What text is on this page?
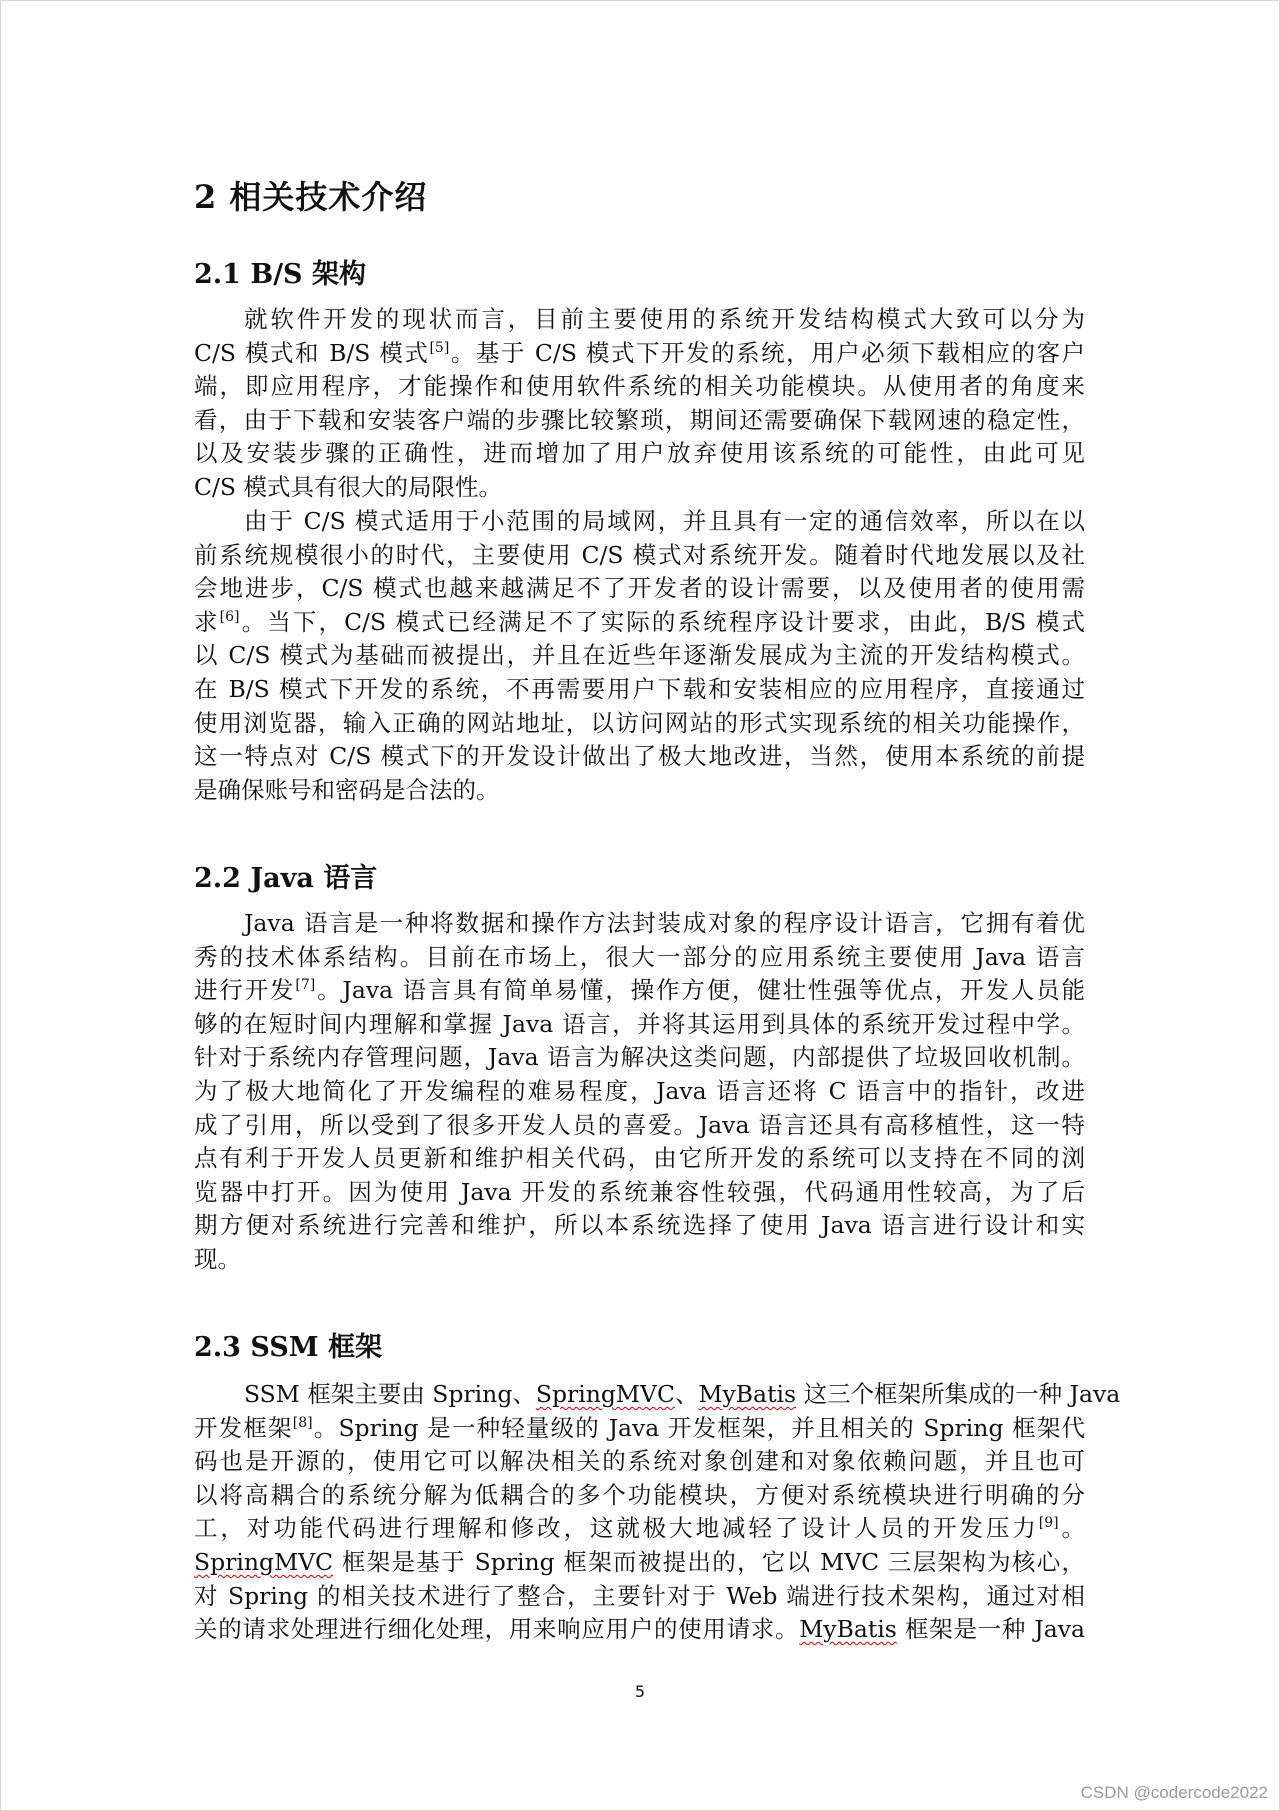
2 相关技术介绍
2.1 B/S 架构
就软件开发的现状而言，目前主要使用的系统开发结构模式大致可以分为
C/S 模式和 B/S 模式[5]。基于 C/S 模式下开发的系统，用户必须下载相应的客户
端，即应用程序，才能操作和使用软件系统的相关功能模块。从使用者的角度来
看，由于下载和安装客户端的步骤比较繁琐，期间还需要确保下载网速的稳定性，
以及安装步骤的正确性，进而增加了用户放弃使用该系统的可能性，由此可见
C/S 模式具有很大的局限性。
由于 C/S 模式适用于小范围的局域网，并且具有一定的通信效率，所以在以
前系统规模很小的时代，主要使用 C/S 模式对系统开发。随着时代地发展以及社
会地进步，C/S 模式也越来越满足不了开发者的设计需要，以及使用者的使用需
求[6]。当下，C/S 模式已经满足不了实际的系统程序设计要求，由此，B/S 模式
以 C/S 模式为基础而被提出，并且在近些年逐渐发展成为主流的开发结构模式。
在 B/S 模式下开发的系统，不再需要用户下载和安装相应的应用程序，直接通过
使用浏览器，输入正确的网站地址，以访问网站的形式实现系统的相关功能操作，
这一特点对 C/S 模式下的开发设计做出了极大地改进，当然，使用本系统的前提
是确保账号和密码是合法的。
2.2 Java 语言
Java 语言是一种将数据和操作方法封装成对象的程序设计语言，它拥有着优
秀的技术体系结构。目前在市场上，很大一部分的应用系统主要使用 Java 语言
进行开发[7]。Java 语言具有简单易懂，操作方便，健壮性强等优点，开发人员能
够的在短时间内理解和掌握 Java 语言，并将其运用到具体的系统开发过程中学。
针对于系统内存管理问题，Java 语言为解决这类问题，内部提供了垃圾回收机制。
为了极大地简化了开发编程的难易程度，Java 语言还将 C 语言中的指针，改进
成了引用，所以受到了很多开发人员的喜爱。Java 语言还具有高移植性，这一特
点有利于开发人员更新和维护相关代码，由它所开发的系统可以支持在不同的浏
览器中打开。因为使用 Java 开发的系统兼容性较强，代码通用性较高，为了后
期方便对系统进行完善和维护，所以本系统选择了使用 Java 语言进行设计和实
现。
2.3 SSM 框架
SSM 框架主要由 Spring、SpringMVC、MyBatis 这三个框架所集成的一种 Java
开发框架[8]。Spring 是一种轻量级的 Java 开发框架，并且相关的 Spring 框架代
码也是开源的，使用它可以解决相关的系统对象创建和对象依赖问题，并且也可
以将高耦合的系统分解为低耦合的多个功能模块，方便对系统模块进行明确的分
工，对功能代码进行理解和修改，这就极大地减轻了设计人员的开发压力[9]。
SpringMVC 框架是基于 Spring 框架而被提出的，它以 MVC 三层架构为核心，
对 Spring 的相关技术进行了整合，主要针对于 Web 端进行技术架构，通过对相
关的请求处理进行细化处理，用来响应用户的使用请求。MyBatis 框架是一种 Java
5
CSDN @codercode2022
